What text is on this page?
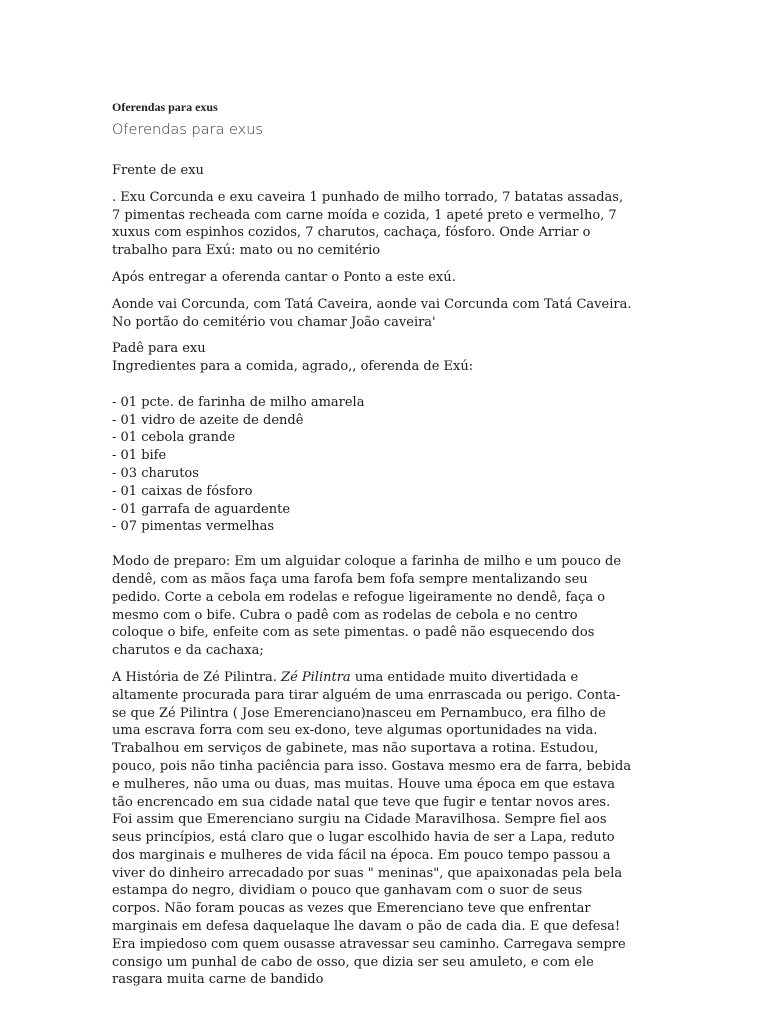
Oferendas para exus
Oferendas para exus

Frente de exu

. Exu Corcunda e exu caveira 1 punhado de milho torrado, 7 batatas assadas, 7 pimentas recheada com carne moída e cozida, 1 apeté preto e vermelho, 7 xuxus com espinhos cozidos, 7 charutos, cachaça, fósforo. Onde Arriar o trabalho para Exú: mato ou no cemitério

Após entregar a oferenda cantar o Ponto a este exú.

Aonde vai Corcunda, com Tatá Caveira, aonde vai Corcunda com Tatá Caveira. No portão do cemitério vou chamar João caveira'

Padê para exu

Ingredientes para a comida, agrado,, oferenda de Exú:

- 01 pcte. de farinha de milho amarela

- 01 vidro de azeite de dendê

- 01 cebola grande

- 01 bife

- 03 charutos

- 01 caixas de fósforo

- 01 garrafa de aguardente

- 07 pimentas vermelhas

Modo de preparo: Em um alguidar coloque a farinha de milho e um pouco de dendê, com as mãos faça uma farofa bem fofa sempre mentalizando seu pedido. Corte a cebola em rodelas e refogue ligeiramente no dendê, faça o mesmo com o bife. Cubra o padê com as rodelas de cebola e no centro coloque o bife, enfeite com as sete pimentas. o padê não esquecendo dos charutos e da cachaxa;

A História de Zé Pilintra. Zé Pilintra uma entidade muito divertidada e altamente procurada para tirar alguém de uma enrrascada ou perigo. Conta-se que Zé Pilintra ( Jose Emerenciano)nasceu em Pernambuco, era filho de uma escrava forra com seu ex-dono, teve algumas oportunidades na vida. Trabalhou em serviços de gabinete, mas não suportava a rotina. Estudou, pouco, pois não tinha paciência para isso. Gostava mesmo era de farra, bebida e mulheres, não uma ou duas, mas muitas. Houve uma época em que estava tão encrencado em sua cidade natal que teve que fugir e tentar novos ares. Foi assim que Emerenciano surgiu na Cidade Maravilhosa. Sempre fiel aos seus princípios, está claro que o lugar escolhido havia de ser a Lapa, reduto dos marginais e mulheres de vida fácil na época. Em pouco tempo passou a viver do dinheiro arrecadado por suas " meninas", que apaixonadas pela bela estampa do negro, dividiam o pouco que ganhavam com o suor de seus corpos. Não foram poucas as vezes que Emerenciano teve que enfrentar marginais em defesa daquelaque lhe davam o pão de cada dia. E que defesa! Era impiedoso com quem ousasse atravessar seu caminho. Carregava sempre consigo um punhal de cabo de osso, que dizia ser seu amuleto, e com ele rasgara muita carne de bandido
